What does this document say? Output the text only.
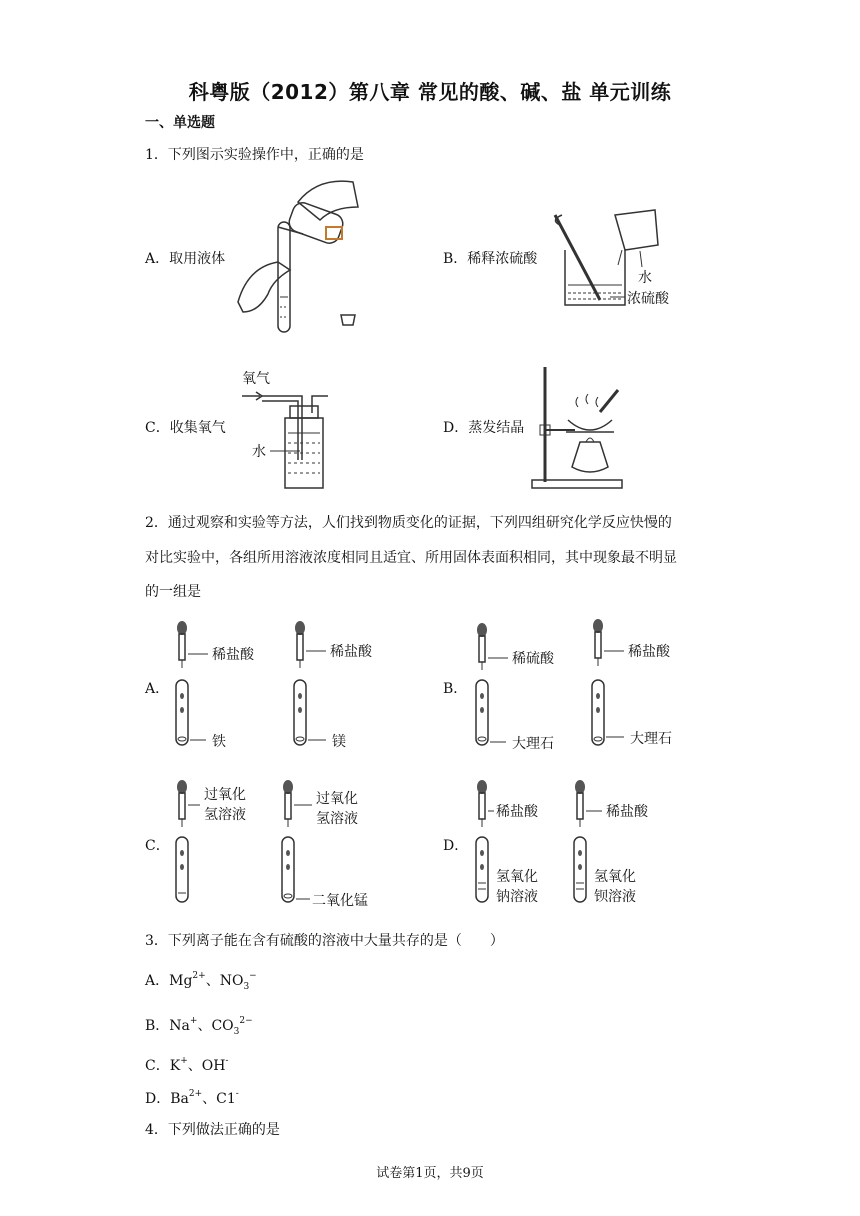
科粤版（2012）第八章 常见的酸、碱、盐 单元训练
一、单选题
1．下列图示实验操作中，正确的是
A．取用液体	B．稀释浓硫酸
水
浓硫酸
C．收集氧气
氧气
水
D．蒸发结晶
2．通过观察和实验等方法，人们找到物质变化的证据，下列四组研究化学反应快慢的
对比实验中，各组所用溶液浓度相同且适宜、所用固体表面积相同，其中现象最不明显
的一组是
A．
稀盐酸
铁
稀盐酸
镁
B．
稀硫酸
大理石
稀盐酸
大理石
C．
过氧化
氢溶液
过氧化
氢溶液
二氧化锰
D．
稀盐酸
氢氧化
钠溶液
稀盐酸
氢氧化
钡溶液
3．下列离子能在含有硫酸的溶液中大量共存的是（　　）
A．$Mg^{2+}$、$NO_3^-$
B．Na+、$CO_3^{2-}$
C．K+、OH-
D．$Ba^{2+}$、C1-
4．下列做法正确的是
试卷第1页，共9页
